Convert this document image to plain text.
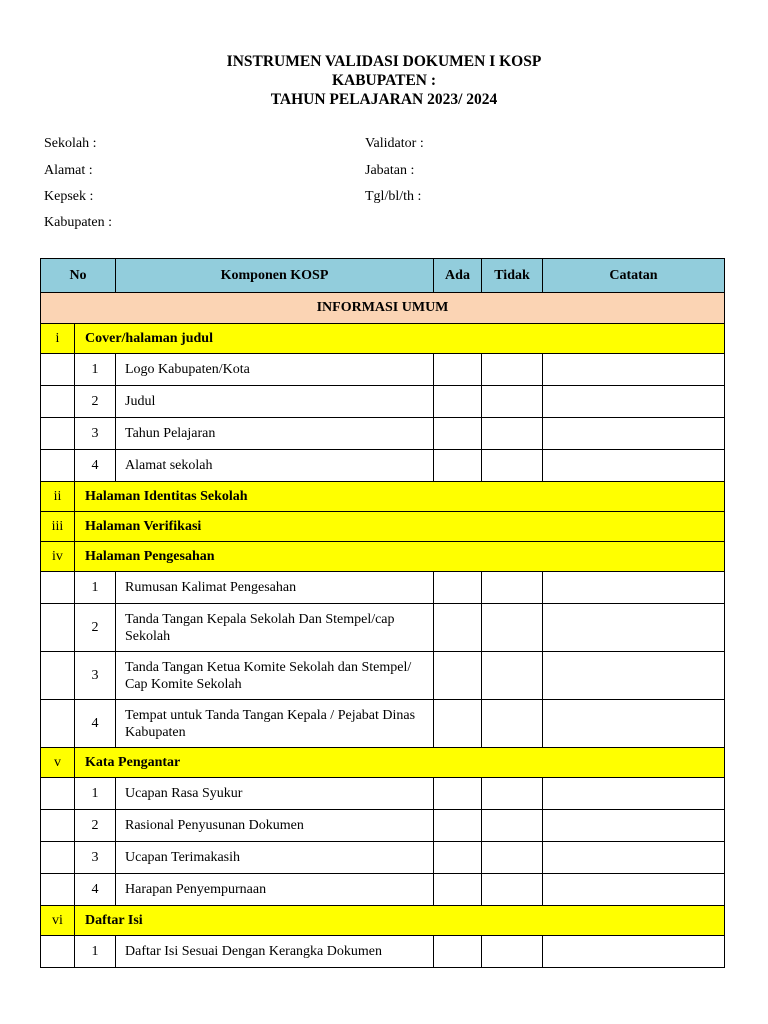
INSTRUMEN VALIDASI DOKUMEN I KOSP
KABUPATEN :
TAHUN PELAJARAN 2023/ 2024
Sekolah :
Alamat :
Kepsek :
Kabupaten :
Validator :
Jabatan :
Tgl/bl/th :
No		Komponen KOSP	Ada	Tidak	Catatan
INFORMASI UMUM					
i	Cover/halaman judul				
	1	Logo Kabupaten/Kota			
	2	Judul			
	3	Tahun Pelajaran			
	4	Alamat sekolah			
ii	Halaman Identitas Sekolah				
iii	Halaman Verifikasi				
iv	Halaman Pengesahan				
	1	Rumusan Kalimat Pengesahan			
	2	Tanda Tangan Kepala Sekolah Dan Stempel/cap Sekolah			
	3	Tanda Tangan Ketua Komite Sekolah dan Stempel/ Cap Komite Sekolah			
	4	Tempat untuk Tanda Tangan Kepala / Pejabat Dinas Kabupaten			
v	Kata Pengantar				
	1	Ucapan Rasa Syukur			
	2	Rasional Penyusunan Dokumen			
	3	Ucapan Terimakasih			
	4	Harapan Penyempurnaan			
vi	Daftar Isi				
	1	Daftar Isi Sesuai Dengan Kerangka Dokumen			
